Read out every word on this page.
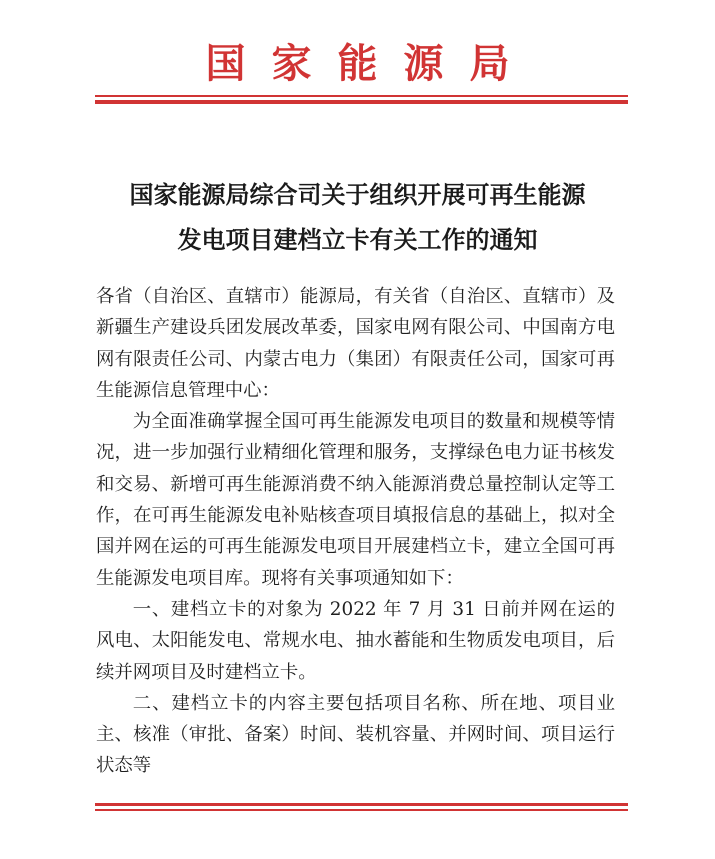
国家能源局
国家能源局综合司关于组织开展可再生能源
发电项目建档立卡有关工作的通知

各省（自治区、直辖市）能源局，有关省（自治区、直辖市）及新疆生产建设兵团发展改革委，国家电网有限公司、中国南方电网有限责任公司、内蒙古电力（集团）有限责任公司，国家可再生能源信息管理中心：

为全面准确掌握全国可再生能源发电项目的数量和规模等情况，进一步加强行业精细化管理和服务，支撑绿色电力证书核发和交易、新增可再生能源消费不纳入能源消费总量控制认定等工作，在可再生能源发电补贴核查项目填报信息的基础上，拟对全国并网在运的可再生能源发电项目开展建档立卡，建立全国可再生能源发电项目库。现将有关事项通知如下：

一、建档立卡的对象为 2022 年 7 月 31 日前并网在运的风电、太阳能发电、常规水电、抽水蓄能和生物质发电项目，后续并网项目及时建档立卡。

二、建档立卡的内容主要包括项目名称、所在地、项目业主、核准（审批、备案）时间、装机容量、并网时间、项目运行状态等
